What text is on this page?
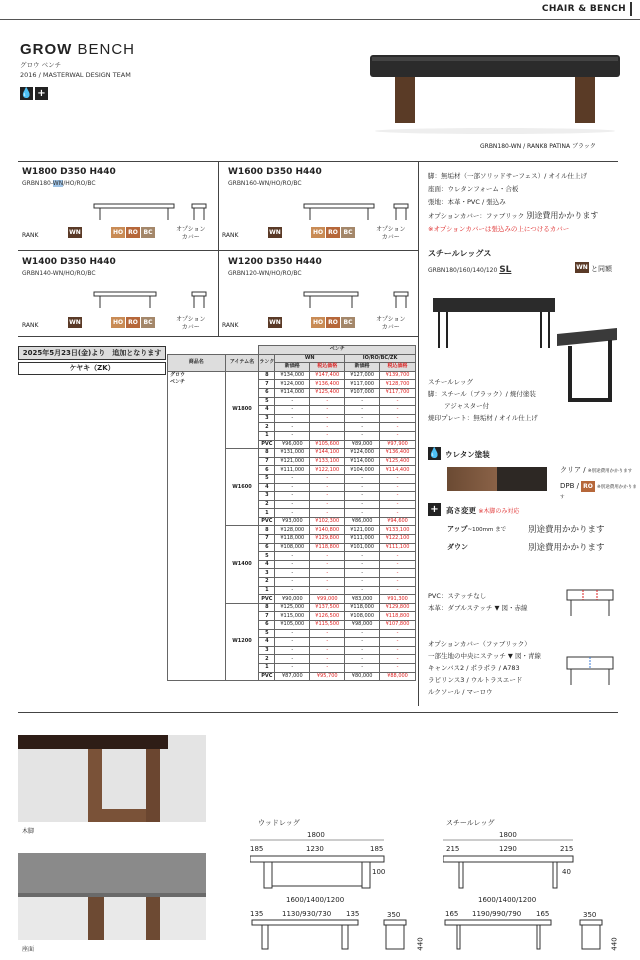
CHAIR & BENCH
GROW BENCH
グロウ ベンチ
2016 / MASTERWAL DESIGN TEAM
💧 +
GRBN180-WN / RANK8 PATINA ブラック
W1800 D350 H440
GRBN180-WN/HO/RO/BC
RANK	WN	HO RO BC	オプション
カバー
W1600 D350 H440
GRBN160-WN/HO/RO/BC
RANK	WN	HO RO BC	オプション
カバー
W1400 D350 H440
GRBN140-WN/HO/RO/BC
RANK	WN	HO RO BC	オプション
カバー
W1200 D350 H440
GRBN120-WN/HO/RO/BC
RANK	WN	HO RO BC	オプション
カバー
脚：無垢材（一部ソリッドサーフェス）/ オイル仕上げ
座面：ウレタンフォーム・合板
張地：本革・PVC / 張込み
オプションカバー：ファブリック 別途費用かかります
※オプションカバーは張込みの上につけるカバー
スチールレッグス
GRBN180/160/140/120 SL	WN と同額
スチールレッグ
脚：スチール（ブラック）/ 焼付塗装
アジャスター付
焼印プレート：無垢材 / オイル仕上げ
2025年5月23日(金)より　追加となります
ケヤキ（ZK）
		ベンチ				
商品名	アイテム名	ランク	WN		IO/RO/BC/ZK	
			新価格	税込価格	新価格	税込価格

グロウ
ベンチ	W1800	8	¥134,000	¥147,400	¥127,000	¥139,700
		7	¥124,000	¥136,400	¥117,000	¥128,700
		6	¥114,000	¥125,400	¥107,000	¥117,700
		5	-	-	-	-
		4	-	-	-	-
		3	-	-	-	-
		2	-	-	-	-
		1	-	-	-	-
		PVC	¥96,000	¥105,600	¥89,000	¥97,900
	W1600	8	¥131,000	¥144,100	¥124,000	¥136,400
		7	¥121,000	¥133,100	¥114,000	¥125,400
		6	¥111,000	¥122,100	¥104,000	¥114,400
		5	-	-	-	-
		4	-	-	-	-
		3	-	-	-	-
		2	-	-	-	-
		1	-	-	-	-
		PVC	¥93,000	¥102,300	¥86,000	¥94,600
	W1400	8	¥128,000	¥140,800	¥121,000	¥133,100
		7	¥118,000	¥129,800	¥111,000	¥122,100
		6	¥108,000	¥118,800	¥101,000	¥111,100
		5	-	-	-	-
		4	-	-	-	-
		3	-	-	-	-
		2	-	-	-	-
		1	-	-	-	-
		PVC	¥90,000	¥99,000	¥83,000	¥91,300
	W1200	8	¥125,000	¥137,500	¥118,000	¥129,800
		7	¥115,000	¥126,500	¥108,000	¥118,800
		6	¥105,000	¥115,500	¥98,000	¥107,800
		5	-	-	-	-
		4	-	-	-	-
		3	-	-	-	-
		2	-	-	-	-
		1	-	-	-	-
		PVC	¥87,000	¥95,700	¥80,000	¥88,000
💧 ウレタン塗装
クリア / ※別途費用かかります
DPB / RO ※別途費用かかります
+ 高さ変更 ※木脚のみ対応
アップ~100mm まで	別途費用かかります
ダウン	別途費用かかります
PVC：ステッチなし
本革：ダブルステッチ ▼ 図・赤線
オプションカバー（ファブリック）
一部生地の中央にステッチ ▼ 図・青線
キャンバス2 / ポラポラ / A783
ラピリンス3 / ウルトラスエード
ルクソール / マーロウ
木脚
座面
ウッドレッグ
1800
185	1230	185
100
1600/1400/1200
135	1130/930/730 135	350
440
スチールレッグ
1800
215	1290	215
40
1600/1400/1200
165 1190/990/790 165	350
440
